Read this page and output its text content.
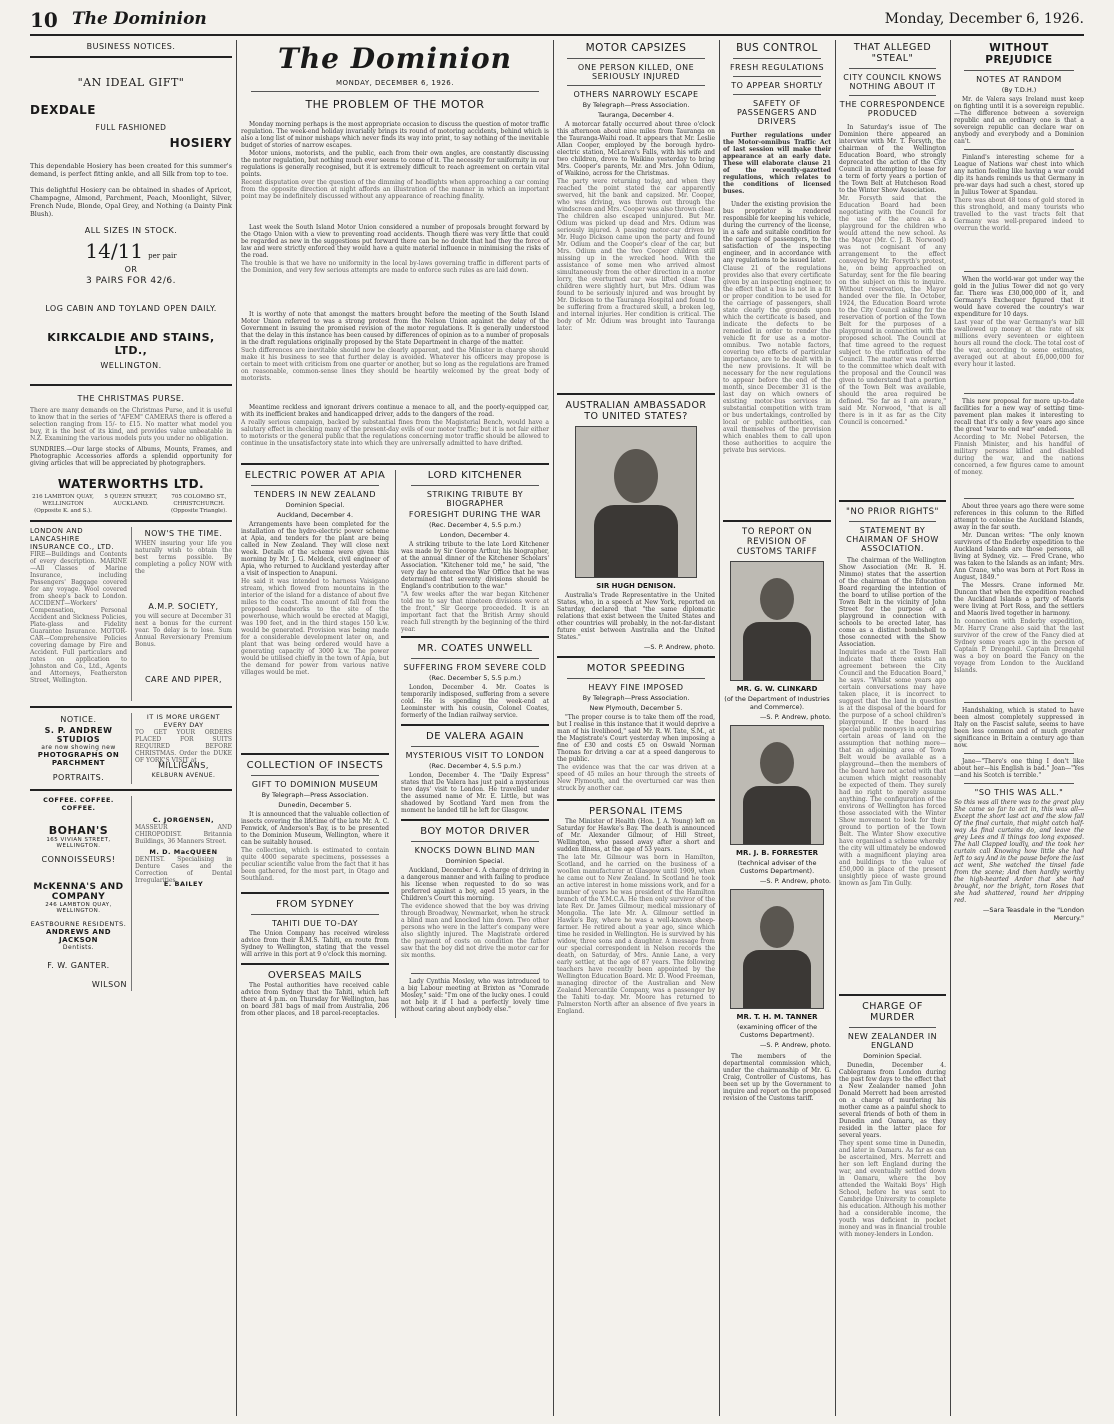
10 The Dominion	Monday, December 6, 1926.
BUSINESS NOTICES.
"AN IDEAL GIFT"
DEXDALE
FULL FASHIONED
HOSIERY
This dependable Hosiery has been created for this summer's demand, is perfect fitting ankle, and all Silk from top to toe.
This delightful Hosiery can be obtained in shades of Apricot, Champagne, Almond, Parchment, Peach, Moonlight, Silver, French Nude, Blonde, Opal Grey, and Nothing (a Dainty Pink Blush).
ALL SIZES IN STOCK.
14/11 per pair
OR
3 PAIRS FOR 42/6.
LOG CABIN AND TOYLAND OPEN DAILY.
KIRKCALDIE AND STAINS, LTD.,
WELLINGTON.
THE CHRISTMAS PURSE.
There are many demands on the Christmas Purse, and it is useful to know that in the series of "AFEM" CAMERAS there is offered a selection ranging from 15/- to £15. No matter what model you buy, it is the best of its kind, and provides value unbeatable in N.Z. Examining the various models puts you under no obligation.
SUNDRIES.—Our large stocks of Albums, Mounts, Frames, and Photographic Accessories affords a splendid opportunity for giving articles that will be appreciated by photographers.
WATERWORTHS LTD.
216 LAMBTON QUAY, WELLINGTON (Opposite K. and S.).
5 QUEEN STREET, AUCKLAND.
705 COLOMBO ST., CHRISTCHURCH. (Opposite Triangle).
LONDON AND LANCASHIRE INSURANCE CO., LTD.
FIRE—Buildings and Contents of every description. MARINE—All Classes of Marine Insurance, including Passengers' Baggage covered for any voyage. Wool covered from sheep's back to London. ACCIDENT—Workers' Compensation, Personal Accident and Sickness Policies, Plate-glass and Fidelity Guarantee Insurance. MOTOR-CAR—Comprehensive Policies covering damage by Fire and Accident. Full particulars and rates on application to Johnston and Co., Ltd., Agents and Attorneys, Featherston Street, Wellington.
NOW'S THE TIME.
WHEN insuring your life you naturally wish to obtain the best terms possible. By completing a policy NOW with the
A.M.P. SOCIETY,
you will secure at December 31 next a bonus for the current year. To delay is to lose. Sum Annual Reversionary Premium Bonus.
CARE AND PIPER,
NOTICE.
S. P. ANDREW STUDIOS
are now showing new
PHOTOGRAPHS ON PARCHMENT
PORTRAITS.
IT IS MORE URGENT EVERY DAY
TO GET YOUR ORDERS PLACED FOR SUITS REQUIRED BEFORE CHRISTMAS. Order the DUKE OF YORK'S VISIT at
MILLIGANS,
KELBURN AVENUE.
COFFEE. COFFEE. COFFEE.
BOHAN'S
165 VIVIAN STREET, WELLINGTON.
CONNOISSEURS!
McKENNA'S AND COMPANY
246 LAMBTON QUAY, WELLINGTON.
EASTBOURNE RESIDENTS.
ANDREWS AND JACKSON
Dentists.
F. W. GANTER.
WILSON
C. JORGENSEN,
MASSEUR AND CHIROPODIST. Britannia Buildings, 36 Manners Street.
M. D. MacQUEEN
DENTIST. Specialising in Denture Cases and the Correction of Dental Irregularities.
E. BAILEY
The Dominion
MONDAY, DECEMBER 6, 1926.
THE PROBLEM OF THE MOTOR
Monday morning perhaps is the most appropriate occasion to discuss the question of motor traffic regulation. The week-end holiday invariably brings its round of motoring accidents, behind which is also a long list of minor mishaps which never finds its way into print, to say nothing of the inevitable budget of stories of narrow escapes.
Motor unions, motorists, and the public, each from their own angles, are constantly discussing the motor regulation, but nothing much ever seems to come of it. The necessity for uniformity in our regulations is generally recognised, but it is extremely difficult to reach agreement on certain vital points.
Recent disputation over the question of the dimming of headlights when approaching a car coming from the opposite direction at night affords an illustration of the manner in which an important point may be indefinitely discussed without any appearance of reaching finality.
Last week the South Island Motor Union considered a number of proposals brought forward by the Otago Union with a view to preventing road accidents. Though there was very little that could be regarded as new in the suggestions put forward there can be no doubt that had they the force of law and were strictly enforced they would have a quite material influence in minimising the risks of the road.
The trouble is that we have no uniformity in the local by-laws governing traffic in different parts of the Dominion, and very few serious attempts are made to enforce such rules as are laid down.
It is worthy of note that amongst the matters brought before the meeting of the South Island Motor Union referred to was a strong protest from the Nelson Union against the delay of the Government in issuing the promised revision of the motor regulations. It is generally understood that the delay in this instance has been caused by differences of opinion as to a number of proposals in the draft regulations originally proposed by the State Department in charge of the matter.
Such differences are inevitable should now be clearly apparent, and the Minister in charge should make it his business to see that further delay is avoided. Whatever his officers may propose is certain to meet with criticism from one quarter or another, but so long as the regulations are framed on reasonable, common-sense lines they should be heartily welcomed by the great body of motorists.
Meantime reckless and ignorant drivers continue a menace to all, and the poorly-equipped car, with its inefficient brakes and handicapped driver, adds to the dangers of the road.
A really serious campaign, backed by substantial fines from the Magisterial Bench, would have a salutary effect in checking many of the present-day evils of our motor traffic; but it is not fair either to motorists or the general public that the regulations concerning motor traffic should be allowed to continue in the unsatisfactory state into which they are universally admitted to have drifted.
ELECTRIC POWER AT APIA
TENDERS IN NEW ZEALAND
Dominion Special.
Auckland, December 4.
Arrangements have been completed for the installation of the hydro-electric power scheme at Apia, and tenders for the plant are being called in New Zealand. They will close next week. Details of the scheme were given this morning by Mr. J. G. Meldeck, civil engineer of Apia, who returned to Auckland yesterday after a visit of inspection to Anapuni.
He said it was intended to harness Vaisigano stream, which flowed from mountains in the interior of the island for a distance of about five miles to the coast. The amount of fall from the proposed headworks to the site of the powerhouse, which would be erected at Magigi, was 190 feet, and in the third stages 150 k.w. would be generated. Provision was being made for a considerable development later on, and plant that was being ordered would have a generating capacity of 3000 k.w. The power would be utilised chiefly in the town of Apia, but the demand for power from various native villages would be met.
COLLECTION OF INSECTS
GIFT TO DOMINION MUSEUM
By Telegraph—Press Association.
Dunedin, December 5.
It is announced that the valuable collection of insects covering the lifetime of the late Mr. A. C. Fenwick, of Anderson's Bay, is to be presented to the Dominion Museum, Wellington, where it can be suitably housed.
The collection, which is estimated to contain quite 4000 separate specimens, possesses a peculiar scientific value from the fact that it has been gathered, for the most part, in Otago and Southland.
FROM SYDNEY
TAHITI DUE TO-DAY
The Union Company has received wireless advice from their R.M.S. Tahiti, en route from Sydney to Wellington, stating that the vessel will arrive in this port at 9 o'clock this morning.
OVERSEAS MAILS
The Postal authorities have received cable advice from Sydney that the Tahiti, which left there at 4 p.m. on Thursday for Wellington, has on board 381 bags of mail from Australia, 206 from other places, and 18 parcel-receptacles.
LORD KITCHENER
STRIKING TRIBUTE BY BIOGRAPHER
FORESIGHT DURING THE WAR
(Rec. December 4, 5.5 p.m.)
London, December 4.
A striking tribute to the late Lord Kitchener was made by Sir George Arthur, his biographer, at the annual dinner of the Kitchener Scholars' Association. "Kitchener told me," he said, "the very day he entered the War Office that he was determined that seventy divisions should be England's contribution to the war."
"A few weeks after the war began Kitchener told me to say that nineteen divisions were at the front," Sir George proceeded. It is an important fact that the British Army should reach full strength by the beginning of the third year.
MR. COATES UNWELL
SUFFERING FROM SEVERE COLD
(Rec. December 5, 5.5 p.m.)
London, December 4. Mr. Coates is temporarily indisposed, suffering from a severe cold. He is spending the week-end at Leominster with his cousin, Colonel Coates, formerly of the Indian railway service.
DE VALERA AGAIN
MYSTERIOUS VISIT TO LONDON
(Rec. December 4, 5.5 p.m.)
London, December 4. The "Daily Express" states that De Valera has just paid a mysterious two days' visit to London. He travelled under the assumed name of Mr. E. Little, but was shadowed by Scotland Yard men from the moment he landed till he left for Glasgow.
BOY MOTOR DRIVER
KNOCKS DOWN BLIND MAN
Dominion Special.
Auckland, December 4. A charge of driving in a dangerous manner and with failing to produce his license when requested to do so was preferred against a boy, aged 15 years, in the Children's Court this morning.
The evidence showed that the boy was driving through Broadway, Newmarket, when he struck a blind man and knocked him down. Two other persons who were in the latter's company were also slightly injured. The Magistrate ordered the payment of costs on condition the father saw that the boy did not drive the motor car for six months.
Lady Cynthia Mosley, who was introduced to a big Labour meeting at Brixton as "Comrade Mosley," said: "I'm one of the lucky ones. I could not help it if I had a perfectly lovely time without caring about anybody else."
MOTOR CAPSIZES
ONE PERSON KILLED, ONE SERIOUSLY INJURED
OTHERS NARROWLY ESCAPE
By Telegraph—Press Association.
Tauranga, December 4.
A motorcar fatally occurred about three o'clock this afternoon about nine miles from Tauranga on the Tauranga-Waihi road. It appears that Mr. Leslie Allan Cooper, employed by the borough hydro-electric station, McLaren's Falls, with his wife and two children, drove to Waikino yesterday to bring Mrs. Cooper's parents, Mr. and Mrs. John Odium, of Waikino, across for the Christmas.
The party were returning today, and when they reached the point stated the car apparently swerved, hit the bank and capsized. Mr. Cooper, who was driving, was thrown out through the windscreen and Mrs. Cooper was also thrown clear. The children also escaped uninjured. But Mr. Odium was picked up dead and Mrs. Odium was seriously injured. A passing motor-car driven by Mr. Hugo Dickson came upon the party and found Mr. Odium and the Cooper's clear of the car, but Mrs. Odium and the two Cooper children still missing up in the wrecked hood. With the assistance of some men who arrived almost simultaneously from the other direction in a motor lorry, the overturned car was lifted clear. The children were slightly hurt, but Mrs. Odium was found to be seriously injured and was brought by Mr. Dickson to the Tauranga Hospital and found to be suffering from a fractured skull, a broken leg, and internal injuries. Her condition is critical. The body of Mr. Odium was brought into Tauranga later.
AUSTRALIAN AMBASSADOR TO UNITED STATES?
SIR HUGH DENISON.
Australia's Trade Representative in the United States, who, in a speech at New York, reported on Saturday, declared that "the same diplomatic relations that exist between the United States and other countries will probably, in the not-far-distant future exist between Australia and the United States."
—S. P. Andrew, photo.
MOTOR SPEEDING
HEAVY FINE IMPOSED
By Telegraph—Press Association.
New Plymouth, December 5.
"The proper course is to take them off the road, but I realise in this instance that it would deprive a man of his livelihood," said Mr. R. W. Tate, S.M., at the Magistrate's Court yesterday when imposing a fine of £30 and costs £5 on Oswald Norman Thomas for driving a car at a speed dangerous to the public.
The evidence was that the car was driven at a speed of 45 miles an hour through the streets of New Plymouth, and the overturned car was then struck by another car.
PERSONAL ITEMS
The Minister of Health (Hon. J. A. Young) left on Saturday for Hawke's Bay. The death is announced of Mr. Alexander Gilmour, of Hill Street, Wellington, who passed away after a short and sudden illness, at the age of 53 years.
The late Mr. Gilmour was born in Hamilton, Scotland, and he carried on the business of a woollen manufacturer at Glasgow until 1909, when he came out to New Zealand. In Scotland he took an active interest in home missions work, and for a number of years he was president of the Hamilton branch of the Y.M.C.A. He then only survivor of the late Rev. Dr. James Gilmour, medical missionary of Mongolia. The late Mr. A. Gilmour settled in Hawke's Bay, where he was a well-known sheep-farmer. He retired about a year ago, since which time he resided in Wellington. He is survived by his widow, three sons and a daughter. A message from our special correspondent in Nelson records the death, on Saturday, of Mrs. Annie Lane, a very early settler, at the age of 87 years. The following teachers have recently been appointed by the Wellington Education Board. Mr. D. Wood Freeman, managing director of the Australian and New Zealand Mercantile Company, was a passenger by the Tahiti to-day. Mr. Moore has returned to Palmerston North after an absence of five years in England.
BUS CONTROL
FRESH REGULATIONS
TO APPEAR SHORTLY
SAFETY OF PASSENGERS AND DRIVERS
Further regulations under the Motor-omnibus Traffic Act of last session will make their appearance at an early date. These will elaborate clause 21 of the recently-gazetted regulations, which relates to the conditions of licensed buses.
Under the existing provision the bus proprietor is rendered responsible for keeping his vehicle, during the currency of the license, in a safe and suitable condition for the carriage of passengers, to the satisfaction of the inspecting engineer, and in accordance with any regulations to be issued later.
Clause 21 of the regulations provides also that every certificate given by an inspecting engineer, to the effect that a bus is not in a fit or proper condition to be used for the carriage of passengers, shall state clearly the grounds upon which the certificate is based, and indicate the defects to be remedied in order to render the vehicle fit for use as a motor-omnibus. Two notable factors, covering two effects of particular importance, are to be dealt with in the new provisions. It will be necessary for the new regulations to appear before the end of the month, since December 31 is the last day on which owners of existing motor-bus services in substantial competition with tram or bus undertakings, controlled by local or public authorities, can avail themselves of the provision which enables them to call upon those authorities to acquire the private bus services.
TO REPORT ON REVISION OF CUSTOMS TARIFF
MR. G. W. CLINKARD
(of the Department of Industries and Commerce).
—S. P. Andrew, photo.
MR. J. B. FORRESTER
(technical adviser of the Customs Department).
—S. P. Andrew, photo.
MR. T. H. M. TANNER
(examining officer of the Customs Department).
—S. P. Andrew, photo.
The members of the departmental commission which, under the chairmanship of Mr. G. Craig, Controller of Customs, has been set up by the Government to inquire and report on the proposed revision of the Customs tariff.
THAT ALLEGED "STEAL"
CITY COUNCIL KNOWS NOTHING ABOUT IT
THE CORRESPONDENCE PRODUCED
In Saturday's issue of The Dominion there appeared an interview with Mr. T. Forsyth, the chairman of the Wellington Education Board, who strongly deprecated the action of the City Council in attempting to lease for a term of forty years a portion of the Town Belt at Hutcheson Road to the Winter Show Association.
Mr. Forsyth said that the Education Board had been negotiating with the Council for the use of the area as a playground for the children who would attend the new school. As the Mayor (Mr. C. J. B. Norwood) was not cognisant of any arrangement to the effect conveyed by Mr. Forsyth's protest, he, on being approached on Saturday, sent for the file bearing on the subject on this to inquire. Without reservation, the Mayor handed over the file. In October, 1924, the Education Board wrote to the City Council asking for the reservation of portion of the Town Belt for the purposes of a playground in connection with the proposed school. The Council at that time agreed to the request subject to the ratification of the Council. The matter was referred to the committee which dealt with the proposal and the Council was given to understand that a portion of the Town Belt was available, should the area required be defined. "So far as I am aware," said Mr. Norwood, "that is all there is in it as far as the City Council is concerned."
"NO PRIOR RIGHTS"
STATEMENT BY CHAIRMAN OF SHOW ASSOCIATION.
The chairman of the Wellington Show Association (Mr. R. H. Nimmo) states that the assertion of the chairman of the Education Board regarding the intention of the board to utilise portion of the Town Belt in the vicinity of John Street for the purpose of a playground in connection with schools to be erected later, has come as a distinct bombshell to those connected with the Show Association.
Inquiries made at the Town Hall indicate that there exists an agreement between the City Council and the Education Board," he says. "Whilst some years ago certain conversations may have taken place, it is incorrect to suggest that the land in question is at the disposal of the board for the purpose of a school children's playground. If the board has special public moneys in acquiring certain areas of land on the assumption that nothing more—that an adjoining area of Town Belt would be available as a playground—then the members of the board have not acted with that acumen which might reasonably be expected of them. They surely had no right to merely assume anything. The configuration of the environs of Wellington has forced those associated with the Winter Show movement to look for their ground to portion of the Town Belt. The Winter Show executive have organised a scheme whereby the city will ultimately be endowed with a magnificent playing area and buildings to the value of £50,000 in place of the present unsightly piece of waste ground known as Jam Tin Gully.
CHARGE OF MURDER
NEW ZEALANDER IN ENGLAND
Dominion Special.
Dunedin, December 4. Cablegrams from London during the past few days to the effect that a New Zealander named John Donald Merrett had been arrested on a charge of murdering his mother came as a painful shock to several friends of both of them in Dunedin and Oamaru, as they resided in the latter place for several years.
They spent some time in Dunedin, and later in Oamaru. As far as can be ascertained, Mrs. Merrett and her son left England during the war, and eventually settled down in Oamaru, where the boy attended the Waitaki Boys' High School, before he was sent to Cambridge University to complete his education. Although his mother had a considerable income, the youth was deficient in pocket money and was in financial trouble with money-lenders in London.
WITHOUT PREJUDICE
NOTES AT RANDOM
(By T.D.H.)
Mr. de Valera says Ireland must keep on fighting until it is a sovereign republic.—The difference between a sovereign republic and an ordinary one is that a sovereign republic can declare war on anybody and everybody and a Dominion can't.
Finland's interesting scheme for a League of Nations war chest into which any nation feeling like having a war could dip its hands reminds us that Germany in pre-war days had such a chest, stored up in Julius Tower at Spandau.
There was about 48 tons of gold stored in this stronghold, and many tourists who travelled to the vast tracts felt that Germany was well-prepared indeed to overrun the world.
When the world-war got under way the gold in the Julius Tower did not go very far. There was £30,000,000 of it, and Germany's Exchequer figured that it would have covered the country's war expenditure for 10 days.
Last year of the war Germany's war bill swallowed up money at the rate of six millions every seventeen or eighteen hours all round the clock. The total cost of the war, according to some estimates, averaged out at about £6,000,000 for every hour it lasted.
This new proposal for more up-to-date facilities for a new way of setting time-pavement plan makes it interesting to recall that it's only a few years ago since the great "war to end war" ended.
According to Mr. Nobel Petersen, the Finnish Minister, and his handful of military persons killed and disabled during the war, and the nations concerned, a few figures came to amount of money.
About three years ago there were some references in this column to the Rifled attempt to colonise the Auckland Islands, away in the far south.
Mr. Duncan writes: "The only known survivors of the Enderby expedition to the Auckland Islands are those persons, all living at Sydney, viz. — Fred Crane, who was taken to the Islands as an infant; Mrs. Ann Crane, who was born at Port Ross in August, 1849."
The Messrs. Crane informed Mr. Duncan that when the expedition reached the Auckland Islands a party of Maoris were living at Port Ross, and the settlers and Maoris lived together in harmony.
In connection with Enderby expedition, Mr. Harry Crane also said that the last survivor of the crew of the Fancy died at Sydney some years ago in the person of Captain P. Drengehil. Captain Drengehil was a boy on board the Fancy on the voyage from London to the Auckland Islands.
Handshaking, which is stated to have been almost completely suppressed in Italy on the Fascist salute, seems to have been less common and of much greater significance in Britain a century ago than now.
Jane—"There's one thing I don't like about her—his English is bad." Joan—"Yes—and his Scotch is terrible."
"SO THIS WAS ALL."
So this was all there was to the great play She came so far to act in, this was all— Except the short last act and the slow fall Of the final curtain, that might catch half-way As final curtains do, and leave the grey Lees and ll things too long exposed. The hall Clapped loudly, and the took her curtain call Knowing how little she had left to say And in the pause before the last act went, She watched the tinsel fade from the scene; And then hardly worthy the high-hearted Ardor that she had brought, nor the bright, torn Roses that she had shattered, round her dripping red.
—Sara Teasdale in the "London Mercury."
